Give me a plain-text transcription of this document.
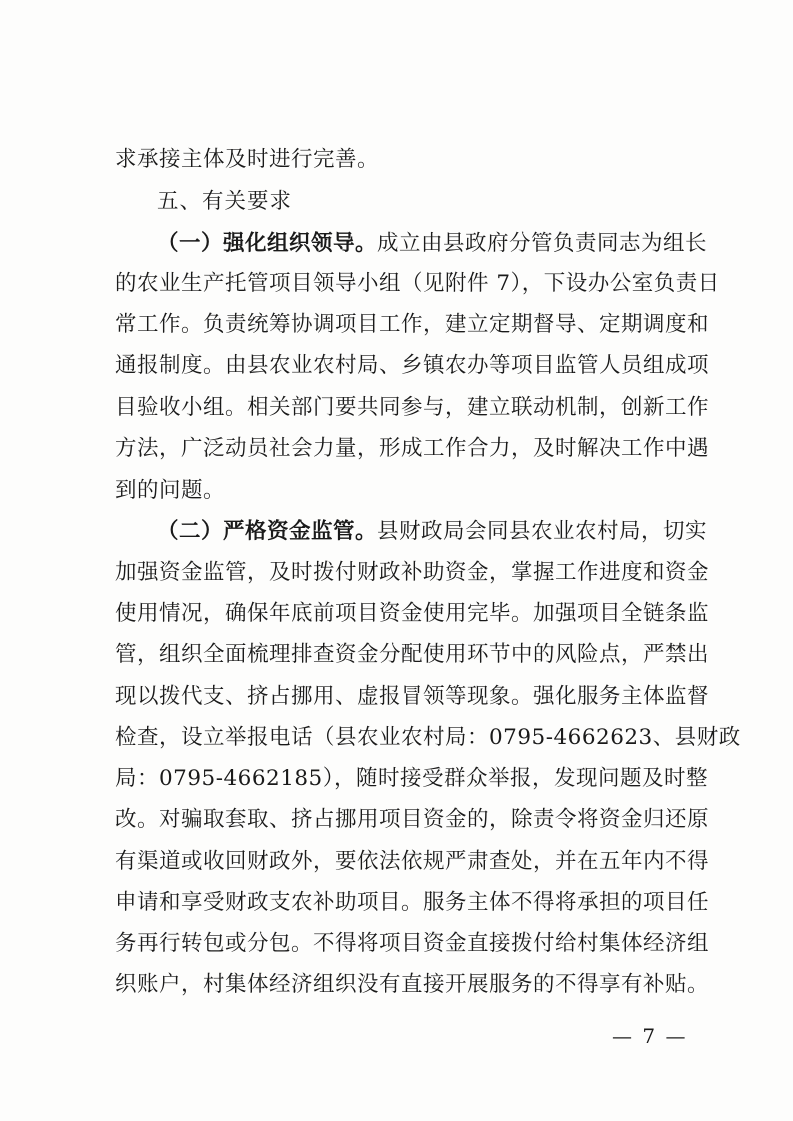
求承接主体及时进行完善。
五、有关要求
（一）强化组织领导。成立由县政府分管负责同志为组长
的农业生产托管项目领导小组（见附件 7），下设办公室负责日
常工作。负责统筹协调项目工作，建立定期督导、定期调度和
通报制度。由县农业农村局、乡镇农办等项目监管人员组成项
目验收小组。相关部门要共同参与，建立联动机制，创新工作
方法，广泛动员社会力量，形成工作合力，及时解决工作中遇
到的问题。
（二）严格资金监管。县财政局会同县农业农村局，切实
加强资金监管，及时拨付财政补助资金，掌握工作进度和资金
使用情况，确保年底前项目资金使用完毕。加强项目全链条监
管，组织全面梳理排查资金分配使用环节中的风险点，严禁出
现以拨代支、挤占挪用、虚报冒领等现象。强化服务主体监督
检查，设立举报电话（县农业农村局：0795-4662623、县财政
局：0795-4662185），随时接受群众举报，发现问题及时整
改。对骗取套取、挤占挪用项目资金的，除责令将资金归还原
有渠道或收回财政外，要依法依规严肃查处，并在五年内不得
申请和享受财政支农补助项目。服务主体不得将承担的项目任
务再行转包或分包。不得将项目资金直接拨付给村集体经济组
织账户，村集体经济组织没有直接开展服务的不得享有补贴。
— 7 —
